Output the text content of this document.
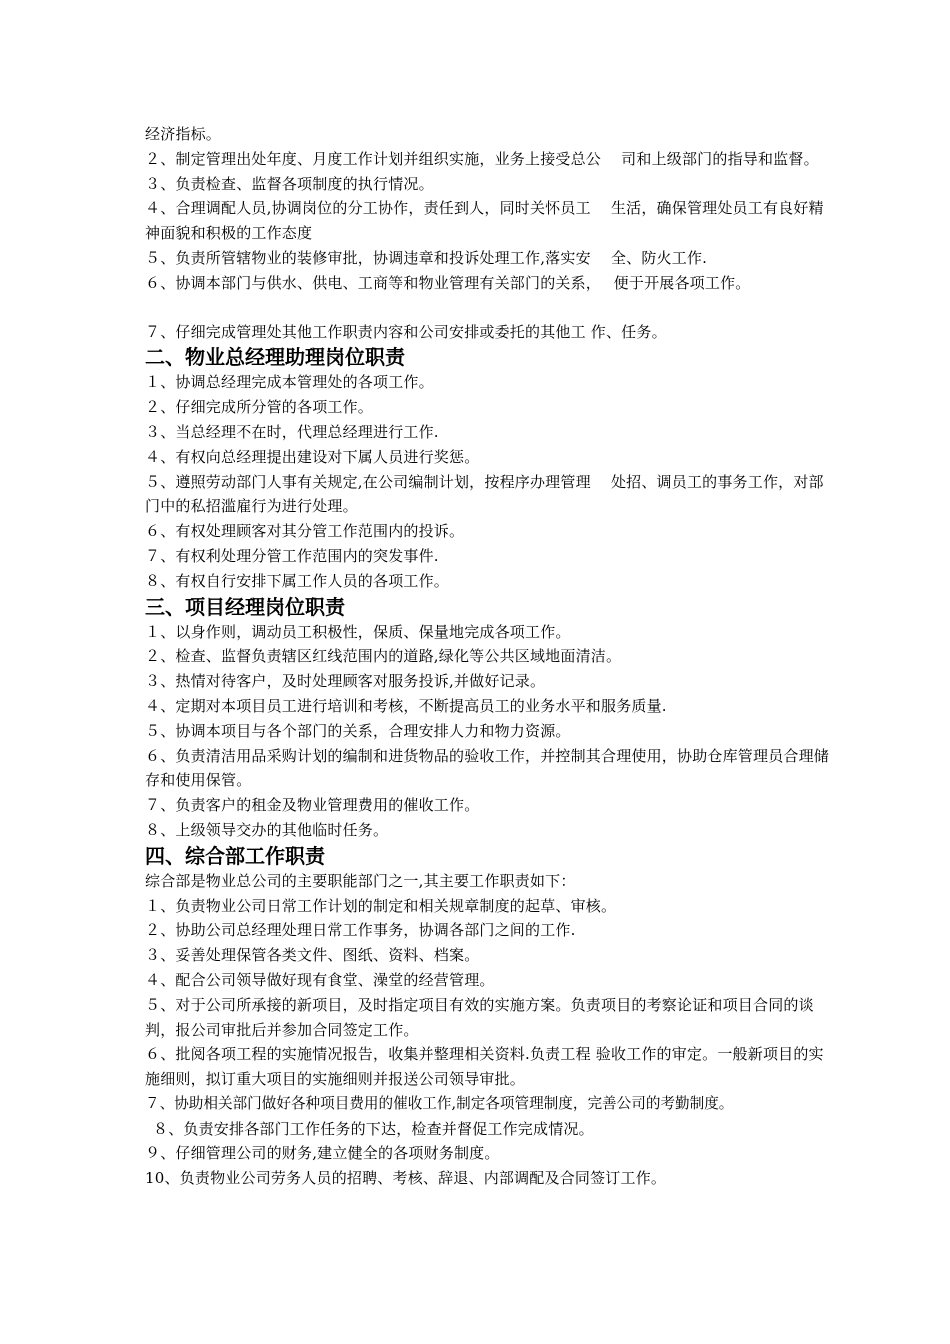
经济指标。
２、制定管理出处年度、月度工作计划并组织实施，业务上接受总公　 司和上级部门的指导和监督。
３、负责检查、监督各项制度的执行情况。
４、合理调配人员,协调岗位的分工协作，责任到人，同时关怀员工　 生活，确保管理处员工有良好精神面貌和积极的工作态度
５、负责所管辖物业的装修审批，协调违章和投诉处理工作,落实安　 全、防火工作.
６、协调本部门与供水、供电、工商等和物业管理有关部门的关系，　 便于开展各项工作。
７、仔细完成管理处其他工作职责内容和公司安排或委托的其他工 作、任务。
二、物业总经理助理岗位职责
１、协调总经理完成本管理处的各项工作。
２、仔细完成所分管的各项工作。
３、当总经理不在时，代理总经理进行工作.
４、有权向总经理提出建设对下属人员进行奖惩。
５、遵照劳动部门人事有关规定,在公司编制计划，按程序办理管理　 处招、调员工的事务工作，对部门中的私招滥雇行为进行处理。
６、有权处理顾客对其分管工作范围内的投诉。
７、有权利处理分管工作范围内的突发事件.
８、有权自行安排下属工作人员的各项工作。
三、项目经理岗位职责
１、以身作则，调动员工积极性，保质、保量地完成各项工作。
２、检查、监督负责辖区红线范围内的道路,绿化等公共区域地面清洁。
３、热情对待客户，及时处理顾客对服务投诉,并做好记录。
４、定期对本项目员工进行培训和考核，不断提高员工的业务水平和服务质量.
５、协调本项目与各个部门的关系，合理安排人力和物力资源。
６、负责清洁用品采购计划的编制和进货物品的验收工作，并控制其合理使用，协助仓库管理员合理储存和使用保管。
７、负责客户的租金及物业管理费用的催收工作。
８、上级领导交办的其他临时任务。
四、综合部工作职责
综合部是物业总公司的主要职能部门之一,其主要工作职责如下：
１、负责物业公司日常工作计划的制定和相关规章制度的起草、审核。
２、协助公司总经理处理日常工作事务，协调各部门之间的工作.
３、妥善处理保管各类文件、图纸、资料、档案。
４、配合公司领导做好现有食堂、澡堂的经营管理。
５、对于公司所承接的新项目，及时指定项目有效的实施方案。负责项目的考察论证和项目合同的谈判，报公司审批后并参加合同签定工作。
６、批阅各项工程的实施情况报告，收集并整理相关资料.负责工程 验收工作的审定。一般新项目的实施细则，拟订重大项目的实施细则并报送公司领导审批。
７、协助相关部门做好各种项目费用的催收工作,制定各项管理制度，完善公司的考勤制度。
８、负责安排各部门工作任务的下达，检查并督促工作完成情况。
９、仔细管理公司的财务,建立健全的各项财务制度。
10、负责物业公司劳务人员的招聘、考核、辞退、内部调配及合同签订工作。
